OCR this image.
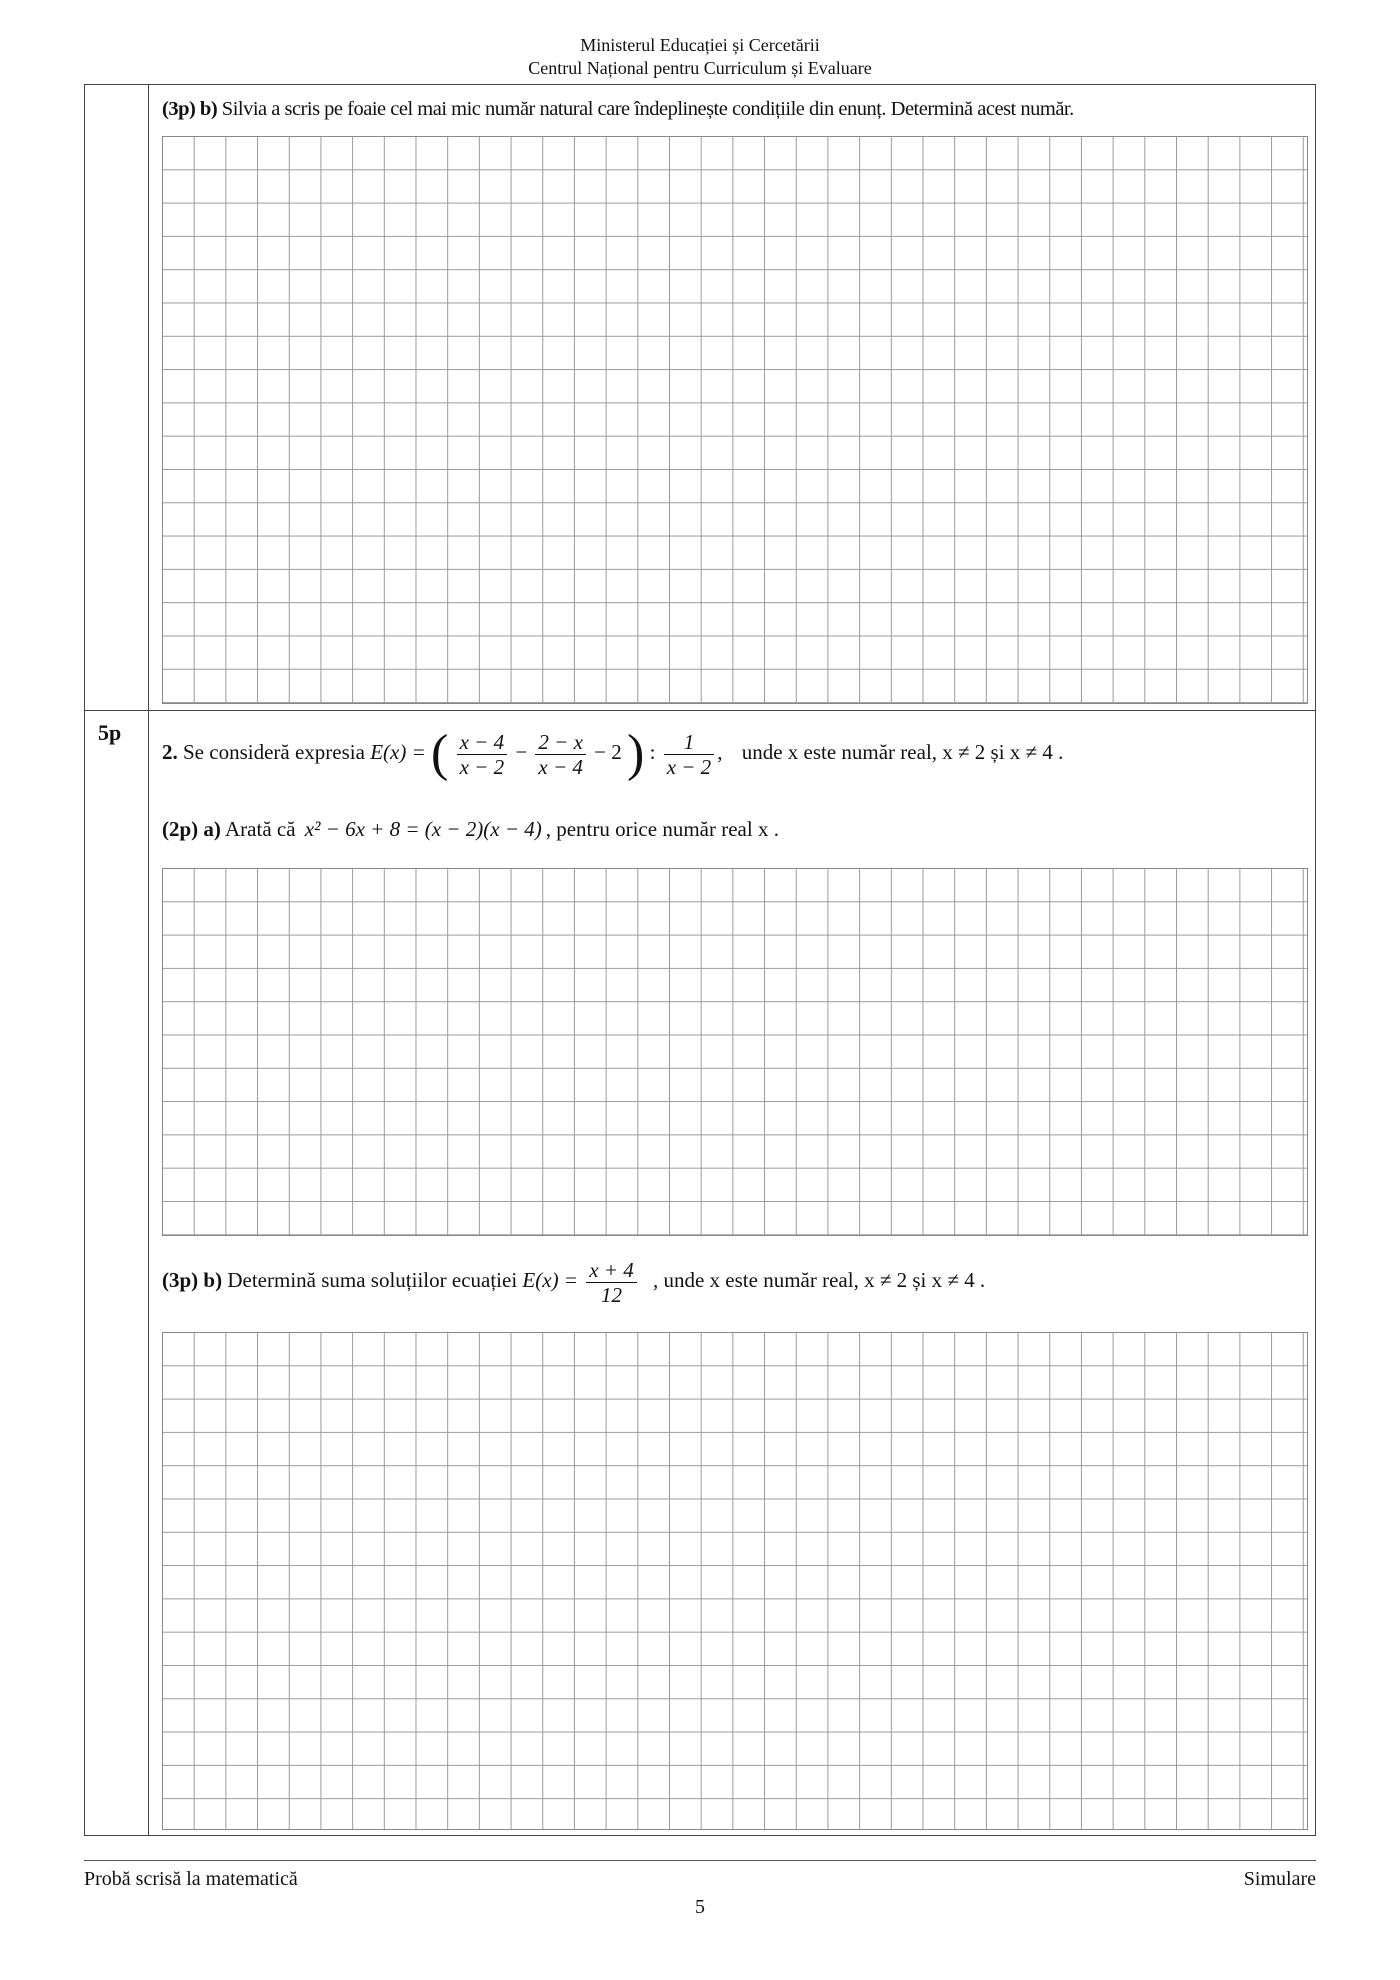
Ministerul Educației și Cercetării
Centrul Național pentru Curriculum și Evaluare
(3p) b) Silvia a scris pe foaie cel mai mic număr natural care îndeplinește condițiile din enunț. Determină acest număr.
5p
2. Se consideră expresia E(x) = ( $\frac{x - 4}{x - 2} - \frac{2 - x}{x - 4} - 2$ ) : $\frac{1}{x - 2}$ , unde x este număr real, x ≠ 2 și x ≠ 4 .
(2p) a) Arată că x² − 6x + 8 = (x − 2)(x − 4) , pentru orice număr real x .
(3p) b) Determină suma soluțiilor ecuației $E(x) = \frac{x + 4}{12}$ , unde x este număr real, x ≠ 2 și x ≠ 4 .
Probă scrisă la matematică	Simulare
5
